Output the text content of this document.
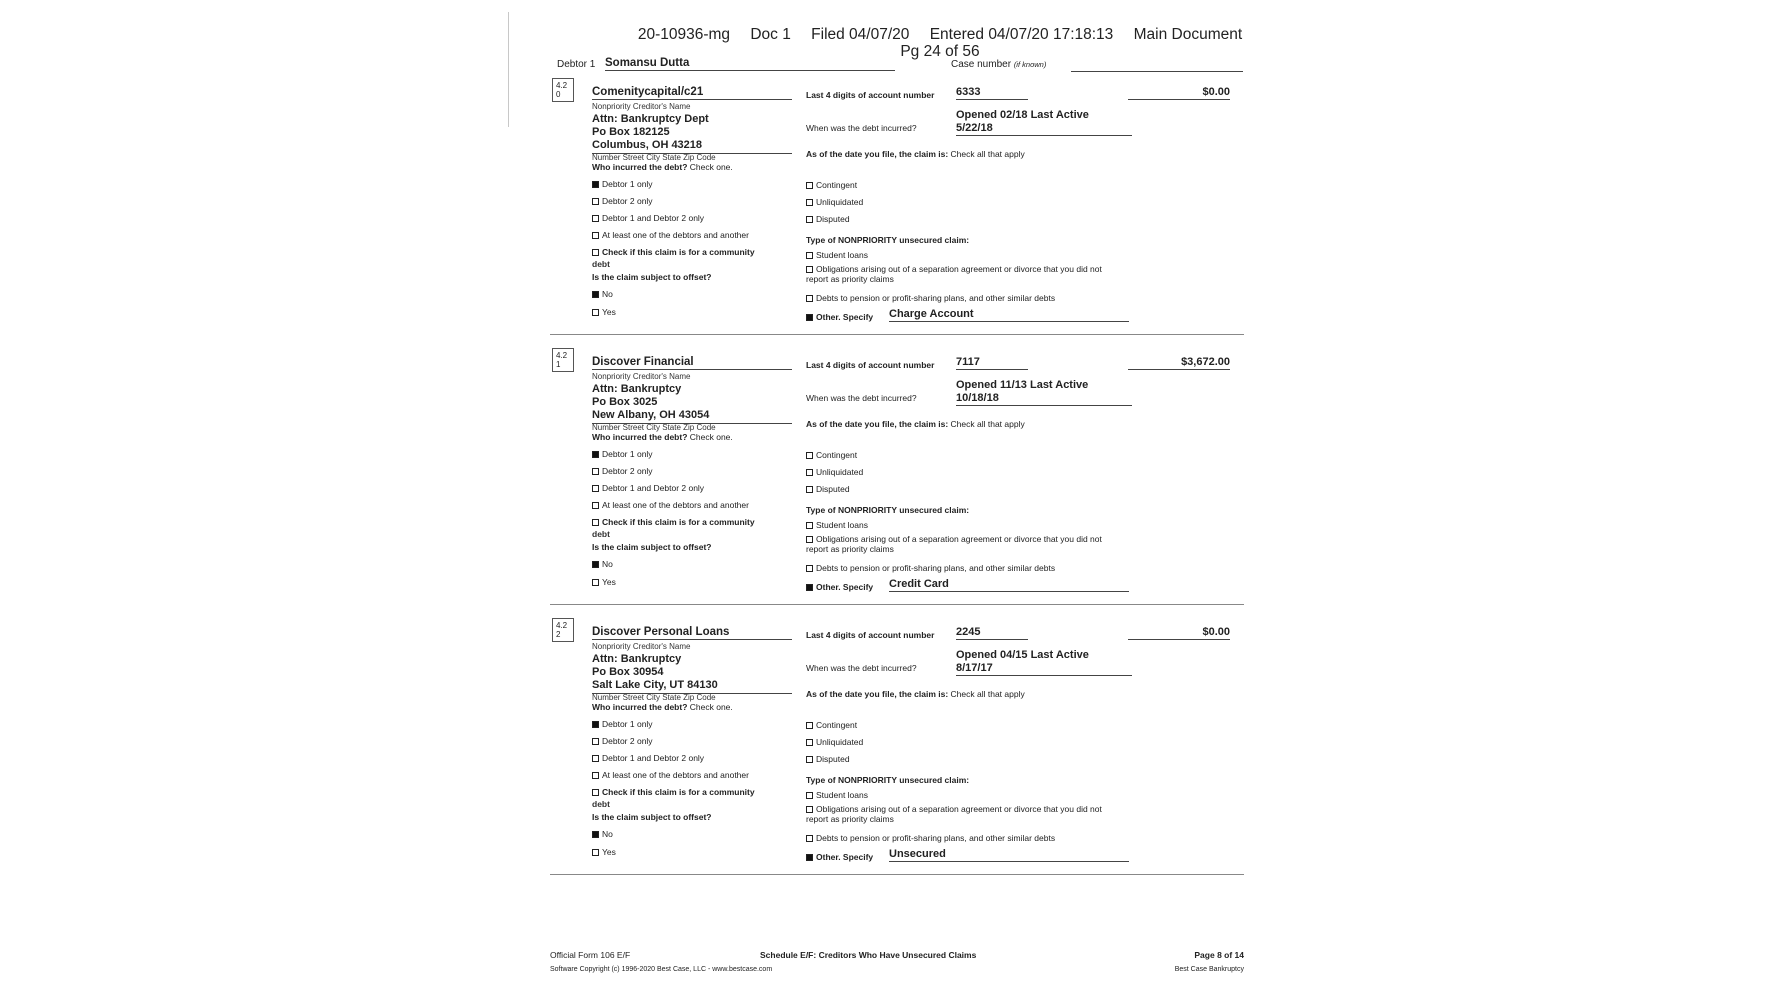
20-10936-mg Doc 1 Filed 04/07/20 Entered 04/07/20 17:18:13 Main Document
Pg 24 of 56
Debtor 1 Somansu Dutta	Case number (if known)
4.2
0	Comenitycapital/c21
Nonpriority Creditor's Name
Attn: Bankruptcy Dept
Po Box 182125
Columbus, OH 43218
Number Street City State Zip Code
Who incurred the debt? Check one.
Debtor 1 only
Debtor 2 only
Debtor 1 and Debtor 2 only
At least one of the debtors and another
Check if this claim is for a community
debt
Is the claim subject to offset?
No
Yes
Last 4 digits of account number 6333	$0.00
When was the debt incurred?
Opened 02/18 Last Active
5/22/18
As of the date you file, the claim is: Check all that apply
Contingent
Unliquidated
Disputed
Type of NONPRIORITY unsecured claim:
Student loans
Obligations arising out of a separation agreement or divorce that you did not
report as priority claims
Debts to pension or profit-sharing plans, and other similar debts
Other. Specify Charge Account
4.2
1	Discover Financial
Nonpriority Creditor's Name
Attn: Bankruptcy
Po Box 3025
New Albany, OH 43054
Number Street City State Zip Code
Who incurred the debt? Check one.
Debtor 1 only
Debtor 2 only
Debtor 1 and Debtor 2 only
At least one of the debtors and another
Check if this claim is for a community
debt
Is the claim subject to offset?
No
Yes
Last 4 digits of account number 7117	$3,672.00
When was the debt incurred?
Opened 11/13 Last Active
10/18/18
As of the date you file, the claim is: Check all that apply
Contingent
Unliquidated
Disputed
Type of NONPRIORITY unsecured claim:
Student loans
Obligations arising out of a separation agreement or divorce that you did not
report as priority claims
Debts to pension or profit-sharing plans, and other similar debts
Other. Specify Credit Card
4.2
2	Discover Personal Loans
Nonpriority Creditor's Name
Attn: Bankruptcy
Po Box 30954
Salt Lake City, UT 84130
Number Street City State Zip Code
Who incurred the debt? Check one.
Debtor 1 only
Debtor 2 only
Debtor 1 and Debtor 2 only
At least one of the debtors and another
Check if this claim is for a community
debt
Is the claim subject to offset?
No
Yes
Last 4 digits of account number 2245	$0.00
When was the debt incurred?
Opened 04/15 Last Active
8/17/17
As of the date you file, the claim is: Check all that apply
Contingent
Unliquidated
Disputed
Type of NONPRIORITY unsecured claim:
Student loans
Obligations arising out of a separation agreement or divorce that you did not
report as priority claims
Debts to pension or profit-sharing plans, and other similar debts
Other. Specify Unsecured
Official Form 106 E/F	Schedule E/F: Creditors Who Have Unsecured Claims	Page 8 of 14
Software Copyright (c) 1996-2020 Best Case, LLC - www.bestcase.com	Best Case Bankruptcy
